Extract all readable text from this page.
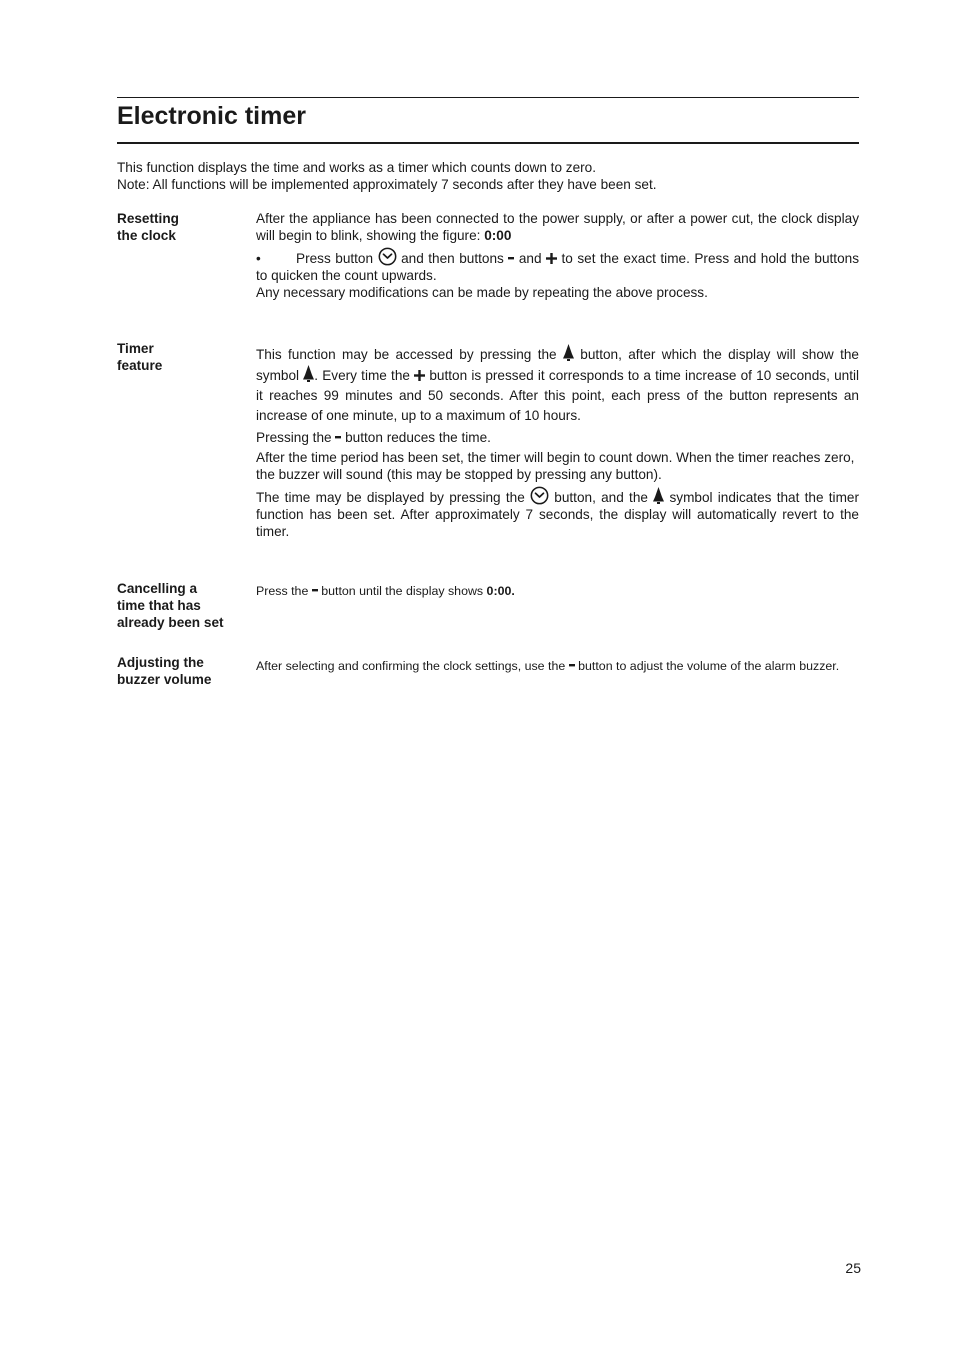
Electronic timer
This function displays the time and works as a timer which counts down to zero.
Note: All functions will be implemented approximately 7 seconds after they have been set.
Resetting
the clock

After the appliance has been connected to the power supply, or after a power cut, the clock display will begin to blink, showing the figure: 0:00

•	Press button  and then buttons  and  to set the exact time. Press and hold the buttons to quicken the count upwards.

Any necessary modifications can be made by repeating the above process.

Timer
feature

This function may be accessed by pressing the  button, after which the display will show the symbol . Every time the  button is pressed it corresponds to a time increase of 10 seconds, until it reaches 99 minutes and 50 seconds. After this point, each press of the button represents an increase of one minute, up to a maximum of 10 hours.

Pressing the  button reduces the time.

After the time period has been set, the timer will begin to count down. When the timer reaches zero, the buzzer will sound (this may be stopped by pressing any button).

The time may be displayed by pressing the  button, and the  symbol indicates that the timer function has been set. After approximately 7 seconds, the display will automatically revert to the timer.

Cancelling a
time that has
already been set

Press the  button until the display shows 0:00.

Adjusting the
buzzer volume

After selecting and confirming the clock settings, use the  button to adjust the volume of the alarm buzzer.

25
